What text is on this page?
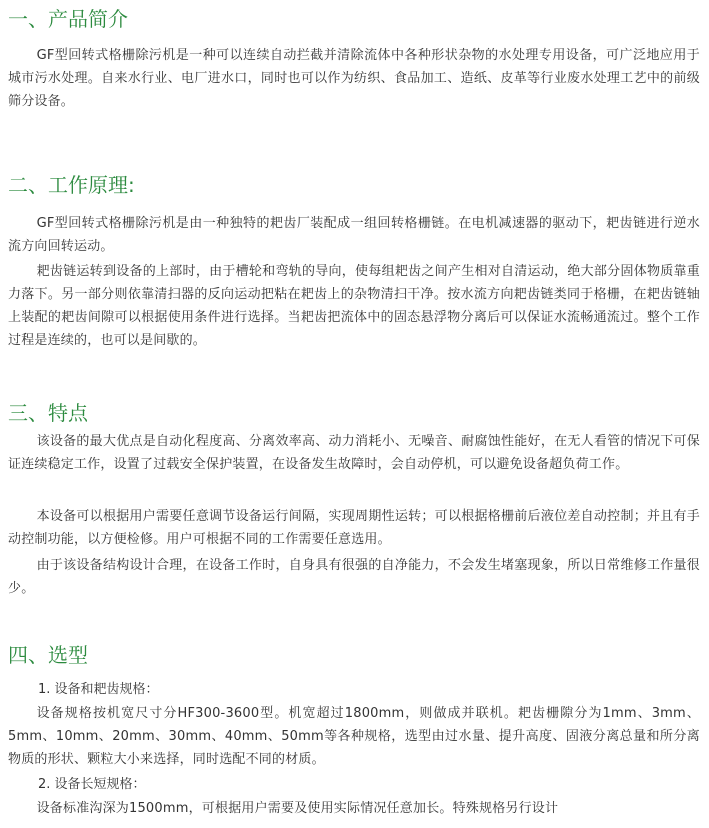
一、产品简介

GF型回转式格栅除污机是一种可以连续自动拦截并清除流体中各种形状杂物的水处理专用设备，可广泛地应用于城市污水处理。自来水行业、电厂进水口，同时也可以作为纺织、食品加工、造纸、皮革等行业废水处理工艺中的前级筛分设备。

二、工作原理:

GF型回转式格栅除污机是由一种独特的耙齿厂装配成一组回转格栅链。在电机减速器的驱动下，耙齿链进行逆水流方向回转运动。

耙齿链运转到设备的上部时，由于槽轮和弯轨的导向，使每组耙齿之间产生相对自清运动，绝大部分固体物质靠重力落下。另一部分则依靠清扫器的反向运动把粘在耙齿上的杂物清扫干净。按水流方向耙齿链类同于格栅，在耙齿链轴上装配的耙齿间隙可以根据使用条件进行选择。当耙齿把流体中的固态悬浮物分离后可以保证水流畅通流过。整个工作过程是连续的，也可以是间歇的。

三、特点

该设备的最大优点是自动化程度高、分离效率高、动力消耗小、无噪音、耐腐蚀性能好，在无人看管的情况下可保证连续稳定工作，设置了过载安全保护装置，在设备发生故障时，会自动停机，可以避免设备超负荷工作。

本设备可以根据用户需要任意调节设备运行间隔，实现周期性运转；可以根据格栅前后液位差自动控制；并且有手动控制功能，以方便检修。用户可根据不同的工作需要任意选用。

由于该设备结构设计合理，在设备工作时，自身具有很强的自净能力，不会发生堵塞现象，所以日常维修工作量很少。

四、选型

1. 设备和耙齿规格：

设备规格按机宽尺寸分HF300-3600型。机宽超过1800mm，则做成并联机。耙齿栅隙分为1mm、3mm、5mm、10mm、20mm、30mm、40mm、50mm等各种规格，选型由过水量、提升高度、固液分离总量和所分离物质的形状、颗粒大小来选择，同时选配不同的材质。

2. 设备长短规格：

设备标准沟深为1500mm，可根据用户需要及使用实际情况任意加长。特殊规格另行设计
